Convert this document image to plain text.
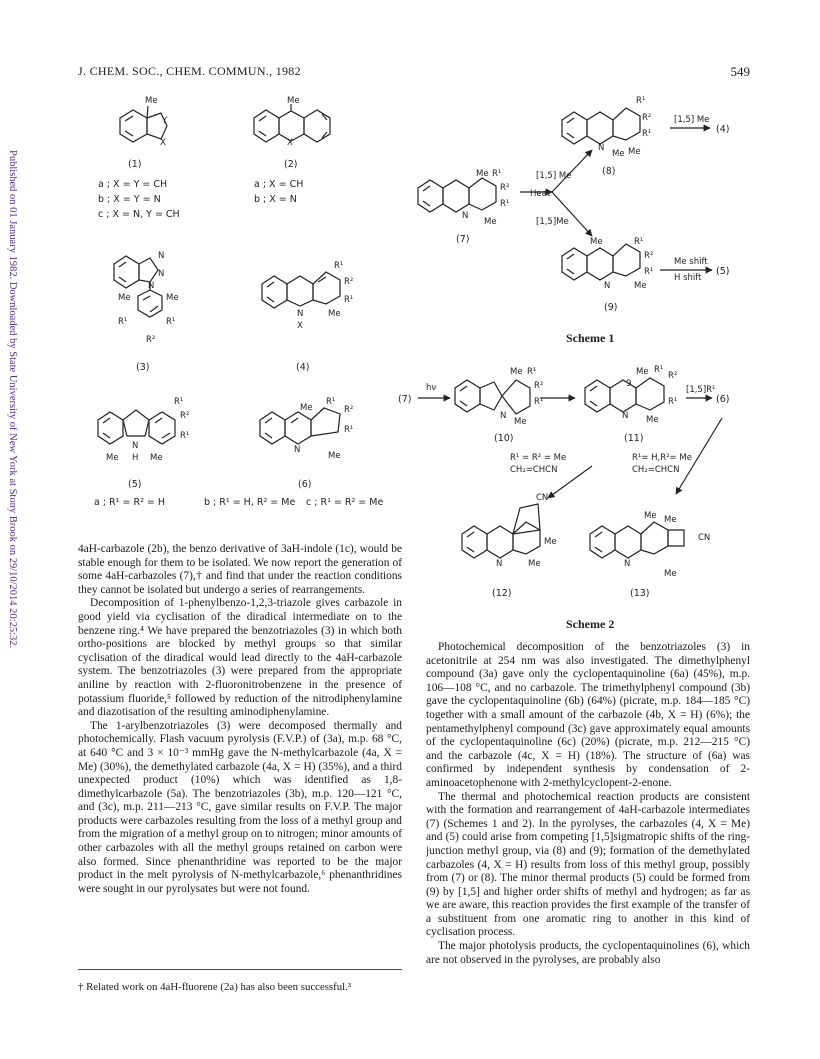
J. CHEM. SOC., CHEM. COMMUN., 1982	549
Published on 01 January 1982. Downloaded by State University of New York at Stony Brook on 29/10/2014 20:25:32.
Me
Y
X
Me
X
N
N
N
Me	Me
R¹	R¹
R²
R¹
R²
R¹
N
X
Me
R¹
R²
R¹
N
H
Me	Me
Me
R¹
R²
R¹
N
Me
R¹
R²
R¹
N
Me Me
Me R¹
R²
R¹
N
Me
Me	R¹
R²
R¹
N	Me
Me R¹
R²
R¹
N
Me
Me R¹
R²
9
R¹
N Me
CN
Me
N	Me
Me Me
CN
N
Me
(1)
a ; X = Y = CH
b ; X = Y = N
c ; X = N, Y = CH
(2)
a ; X = CH
b ; X = N
(3)	(4)
(5)	(6)
a ; R¹ = R² = H	b ; R¹ = H, R² = Me c ; R¹ = R² = Me
(7)
(8)
(9)
(4)
(5)
[1,5] Me
Heat
[1,5]Me
[1,5] Me
Me shift
H shift
Scheme 1
(7)
hν
(10)	(11)
(12)	(13)
(6)
[1,5]R¹
R¹ = R² = Me
CH₂=CHCN
R¹= H,R²= Me
CH₂=CHCN
Scheme 2

4aH-carbazole (2b), the benzo derivative of 3aH-indole (1c), would be stable enough for them to be isolated. We now report the generation of some 4aH-carbazoles (7),† and find that under the reaction conditions they cannot be isolated but undergo a series of rearrangements.

Decomposition of 1-phenylbenzo-1,2,3-triazole gives carbazole in good yield via cyclisation of the diradical intermediate on to the benzene ring.⁴ We have prepared the benzotriazoles (3) in which both ortho-positions are blocked by methyl groups so that similar cyclisation of the diradical would lead directly to the 4aH-carbazole system. The benzotriazoles (3) were prepared from the appropriate aniline by reaction with 2-fluoronitrobenzene in the presence of potassium fluoride,⁵ followed by reduction of the nitrodiphenylamine and diazotisation of the resulting aminodiphenylamine.

The 1-arylbenzotriazoles (3) were decomposed thermally and photochemically. Flash vacuum pyrolysis (F.V.P.) of (3a), m.p. 68 °C, at 640 °C and 3 × 10⁻³ mmHg gave the N-methylcarbazole (4a, X = Me) (30%), the demethylated carbazole (4a, X = H) (35%), and a third unexpected product (10%) which was identified as 1,8-dimethylcarbazole (5a). The benzotriazoles (3b), m.p. 120—121 °C, and (3c), m.p. 211—213 °C, gave similar results on F.V.P. The major products were carbazoles resulting from the loss of a methyl group and from the migration of a methyl group on to nitrogen; minor amounts of other carbazoles with all the methyl groups retained on carbon were also formed. Since phenanthridine was reported to be the major product in the melt pyrolysis of N-methylcarbazole,⁶ phenanthridines were sought in our pyrolysates but were not found.

Photochemical decomposition of the benzotriazoles (3) in acetonitrile at 254 nm was also investigated. The dimethylphenyl compound (3a) gave only the cyclopentaquinoline (6a) (45%), m.p. 106—108 °C, and no carbazole. The trimethylphenyl compound (3b) gave the cyclopentaquinoline (6b) (64%) (picrate, m.p. 184—185 °C) together with a small amount of the carbazole (4b, X = H) (6%); the pentamethylphenyl compound (3c) gave approximately equal amounts of the cyclopentaquinoline (6c) (20%) (picrate, m.p. 212—215 °C) and the carbazole (4c, X = H) (18%). The structure of (6a) was confirmed by independent synthesis by condensation of 2-aminoacetophenone with 2-methylcyclopent-2-enone.

The thermal and photochemical reaction products are consistent with the formation and rearrangement of 4aH-carbazole intermediates (7) (Schemes 1 and 2). In the pyrolyses, the carbazoles (4, X = Me) and (5) could arise from competing [1,5]sigmatropic shifts of the ring-junction methyl group, via (8) and (9); formation of the demethylated carbazoles (4, X = H) results from loss of this methyl group, possibly from (7) or (8). The minor thermal products (5) could be formed from (9) by [1,5] and higher order shifts of methyl and hydrogen; as far as we are aware, this reaction provides the first example of the transfer of a substituent from one aromatic ring to another in this kind of cyclisation process.

The major photolysis products, the cyclopentaquinolines (6), which are not observed in the pyrolyses, are probably also

† Related work on 4aH-fluorene (2a) has also been successful.³
